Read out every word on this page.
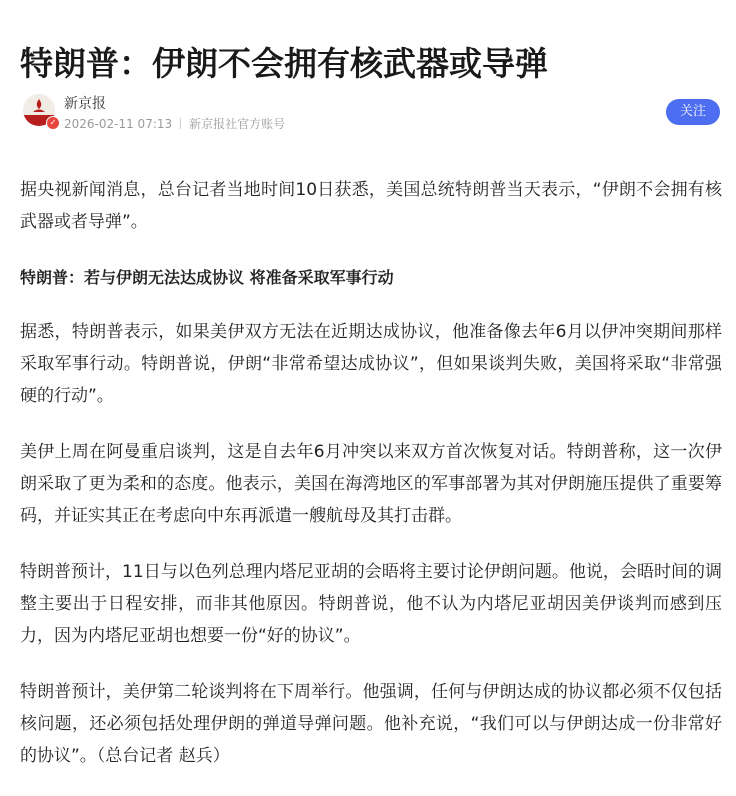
特朗普：伊朗不会拥有核武器或导弹
✓
新京报
2026-02-11 07:13 新京报社官方账号
关注

据央视新闻消息，总台记者当地时间10日获悉，美国总统特朗普当天表示，“伊朗不会拥有核武器或者导弹”。

特朗普：若与伊朗无法达成协议 将准备采取军事行动

据悉，特朗普表示，如果美伊双方无法在近期达成协议，他准备像去年6月以伊冲突期间那样采取军事行动。特朗普说，伊朗“非常希望达成协议”，但如果谈判失败，美国将采取“非常强硬的行动”。

美伊上周在阿曼重启谈判，这是自去年6月冲突以来双方首次恢复对话。特朗普称，这一次伊朗采取了更为柔和的态度。他表示，美国在海湾地区的军事部署为其对伊朗施压提供了重要筹码，并证实其正在考虑向中东再派遣一艘航母及其打击群。

特朗普预计，11日与以色列总理内塔尼亚胡的会晤将主要讨论伊朗问题。他说，会晤时间的调整主要出于日程安排，而非其他原因。特朗普说，他不认为内塔尼亚胡因美伊谈判而感到压力，因为内塔尼亚胡也想要一份“好的协议”。

特朗普预计，美伊第二轮谈判将在下周举行。他强调，任何与伊朗达成的协议都必须不仅包括核问题，还必须包括处理伊朗的弹道导弹问题。他补充说，“我们可以与伊朗达成一份非常好的协议”。（总台记者 赵兵）
